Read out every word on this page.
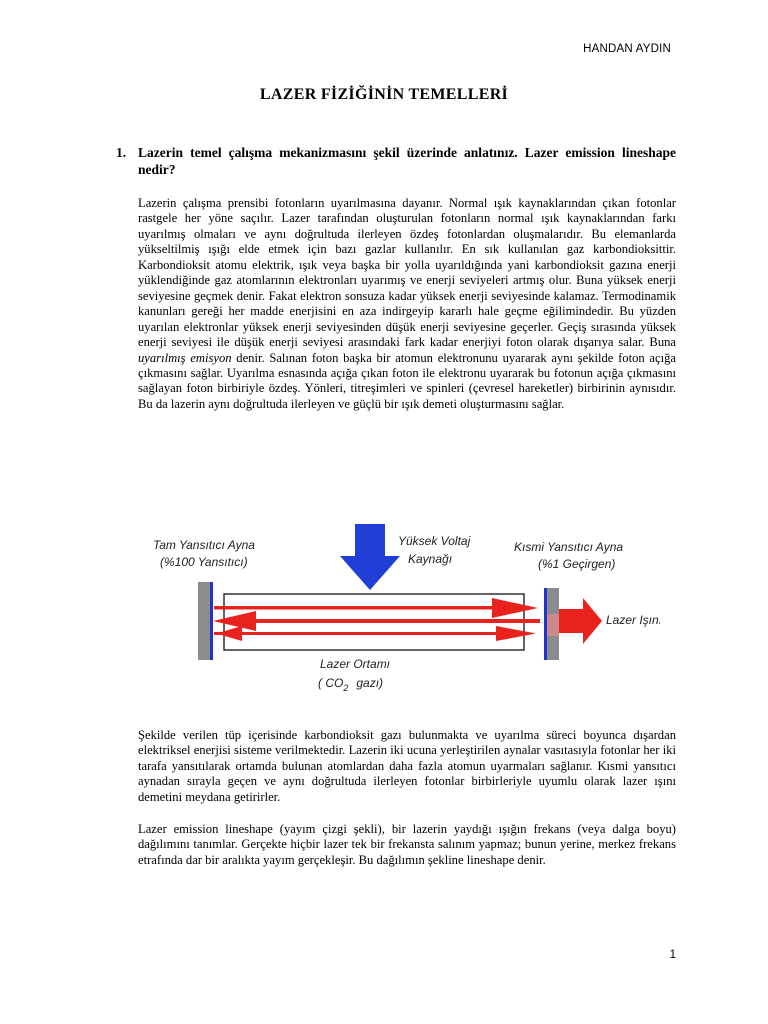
HANDAN AYDIN
LAZER FİZİĞİNİN TEMELLERİ
1. Lazerin temel çalışma mekanizmasını şekil üzerinde anlatınız. Lazer emission lineshape nedir?
Lazerin çalışma prensibi fotonların uyarılmasına dayanır. Normal ışık kaynaklarından çıkan fotonlar rastgele her yöne saçılır. Lazer tarafından oluşturulan fotonların normal ışık kaynaklarından farkı uyarılmış olmaları ve aynı doğrultuda ilerleyen özdeş fotonlardan oluşmalarıdır. Bu elemanlarda yükseltilmiş ışığı elde etmek için bazı gazlar kullanılır. En sık kullanılan gaz karbondioksittir. Karbondioksit atomu elektrik, ışık veya başka bir yolla uyarıldığında yani karbondioksit gazına enerji yüklendiğinde gaz atomlarının elektronları uyarımış ve enerji seviyeleri artmış olur. Buna yüksek enerji seviyesine geçmek denir. Fakat elektron sonsuza kadar yüksek enerji seviyesinde kalamaz. Termodinamik kanunları gereği her madde enerjisini en aza indirgeyip kararlı hale geçme eğilimindedir. Bu yüzden uyarılan elektronlar yüksek enerji seviyesinden düşük enerji seviyesine geçerler. Geçiş sırasında yüksek enerji seviyesi ile düşük enerji seviyesi arasındaki fark kadar enerjiyi foton olarak dışarıya salar. Buna uyarılmış emisyon denir. Salınan foton başka bir atomun elektronunu uyararak aynı şekilde foton açığa çıkmasını sağlar. Uyarılma esnasında açığa çıkan foton ile elektronu uyararak bu fotonun açığa çıkmasını sağlayan foton birbiriyle özdeş. Yönleri, titreşimleri ve spinleri (çevresel hareketler) birbirinin aynısıdır. Bu da lazerin aynı doğrultuda ilerleyen ve güçlü bir ışık demeti oluşturmasını sağlar.
Tam Yansıtıcı Ayna
(%100 Yansıtıcı)
Yüksek Voltaj
Kaynağı
Kısmi Yansıtıcı Ayna
(%1 Geçirgen)
Lazer Işını
Lazer Ortamı
( $CO_2$ gazı)
Şekilde verilen tüp içerisinde karbondioksit gazı bulunmakta ve uyarılma süreci boyunca dışardan elektriksel enerjisi sisteme verilmektedir. Lazerin iki ucuna yerleştirilen aynalar vasıtasıyla fotonlar her iki tarafa yansıtılarak ortamda bulunan atomlardan daha fazla atomun uyarmaları sağlanır. Kısmi yansıtıcı aynadan sırayla geçen ve aynı doğrultuda ilerleyen fotonlar birbirleriyle uyumlu olarak lazer ışını demetini meydana getirirler.
Lazer emission lineshape (yayım çizgi şekli), bir lazerin yaydığı ışığın frekans (veya dalga boyu) dağılımını tanımlar. Gerçekte hiçbir lazer tek bir frekansta salınım yapmaz; bunun yerine, merkez frekans etrafında dar bir aralıkta yayım gerçekleşir. Bu dağılımın şekline lineshape denir.
1
